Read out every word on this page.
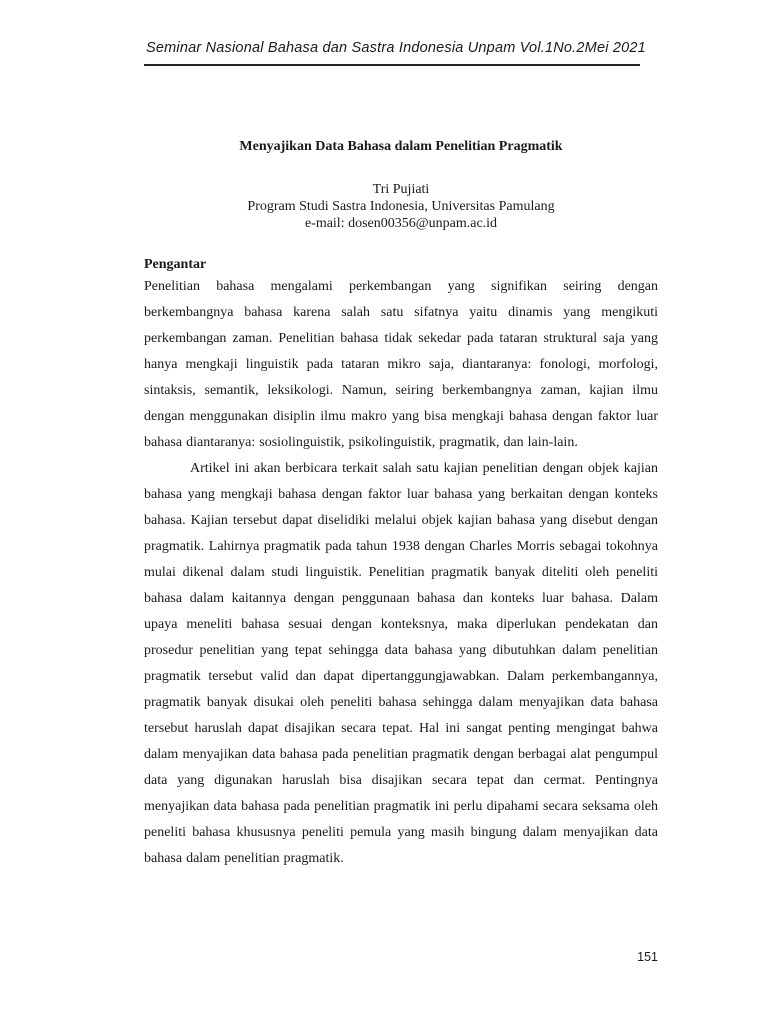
Seminar Nasional Bahasa dan Sastra Indonesia Unpam Vol.1No.2Mei 2021
Menyajikan Data Bahasa dalam Penelitian Pragmatik
Tri Pujiati
Program Studi Sastra Indonesia, Universitas Pamulang
e-mail: dosen00356@unpam.ac.id
Pengantar

Penelitian bahasa mengalami perkembangan yang signifikan seiring dengan berkembangnya bahasa karena salah satu sifatnya yaitu dinamis yang mengikuti perkembangan zaman. Penelitian bahasa tidak sekedar pada tataran struktural saja yang hanya mengkaji linguistik pada tataran mikro saja, diantaranya: fonologi, morfologi, sintaksis, semantik, leksikologi. Namun, seiring berkembangnya zaman, kajian ilmu dengan menggunakan disiplin ilmu makro yang bisa mengkaji bahasa dengan faktor luar bahasa diantaranya: sosiolinguistik, psikolinguistik, pragmatik, dan lain-lain.

Artikel ini akan berbicara terkait salah satu kajian penelitian dengan objek kajian bahasa yang mengkaji bahasa dengan faktor luar bahasa yang berkaitan dengan konteks bahasa. Kajian tersebut dapat diselidiki melalui objek kajian bahasa yang disebut dengan pragmatik. Lahirnya pragmatik pada tahun 1938 dengan Charles Morris sebagai tokohnya mulai dikenal dalam studi linguistik. Penelitian pragmatik banyak diteliti oleh peneliti bahasa dalam kaitannya dengan penggunaan bahasa dan konteks luar bahasa. Dalam upaya meneliti bahasa sesuai dengan konteksnya, maka diperlukan pendekatan dan prosedur penelitian yang tepat sehingga data bahasa yang dibutuhkan dalam penelitian pragmatik tersebut valid dan dapat dipertanggungjawabkan. Dalam perkembangannya, pragmatik banyak disukai oleh peneliti bahasa sehingga dalam menyajikan data bahasa tersebut haruslah dapat disajikan secara tepat. Hal ini sangat penting mengingat bahwa dalam menyajikan data bahasa pada penelitian pragmatik dengan berbagai alat pengumpul data yang digunakan haruslah bisa disajikan secara tepat dan cermat. Pentingnya menyajikan data bahasa pada penelitian pragmatik ini perlu dipahami secara seksama oleh peneliti bahasa khususnya peneliti pemula yang masih bingung dalam menyajikan data bahasa dalam penelitian pragmatik.

151
